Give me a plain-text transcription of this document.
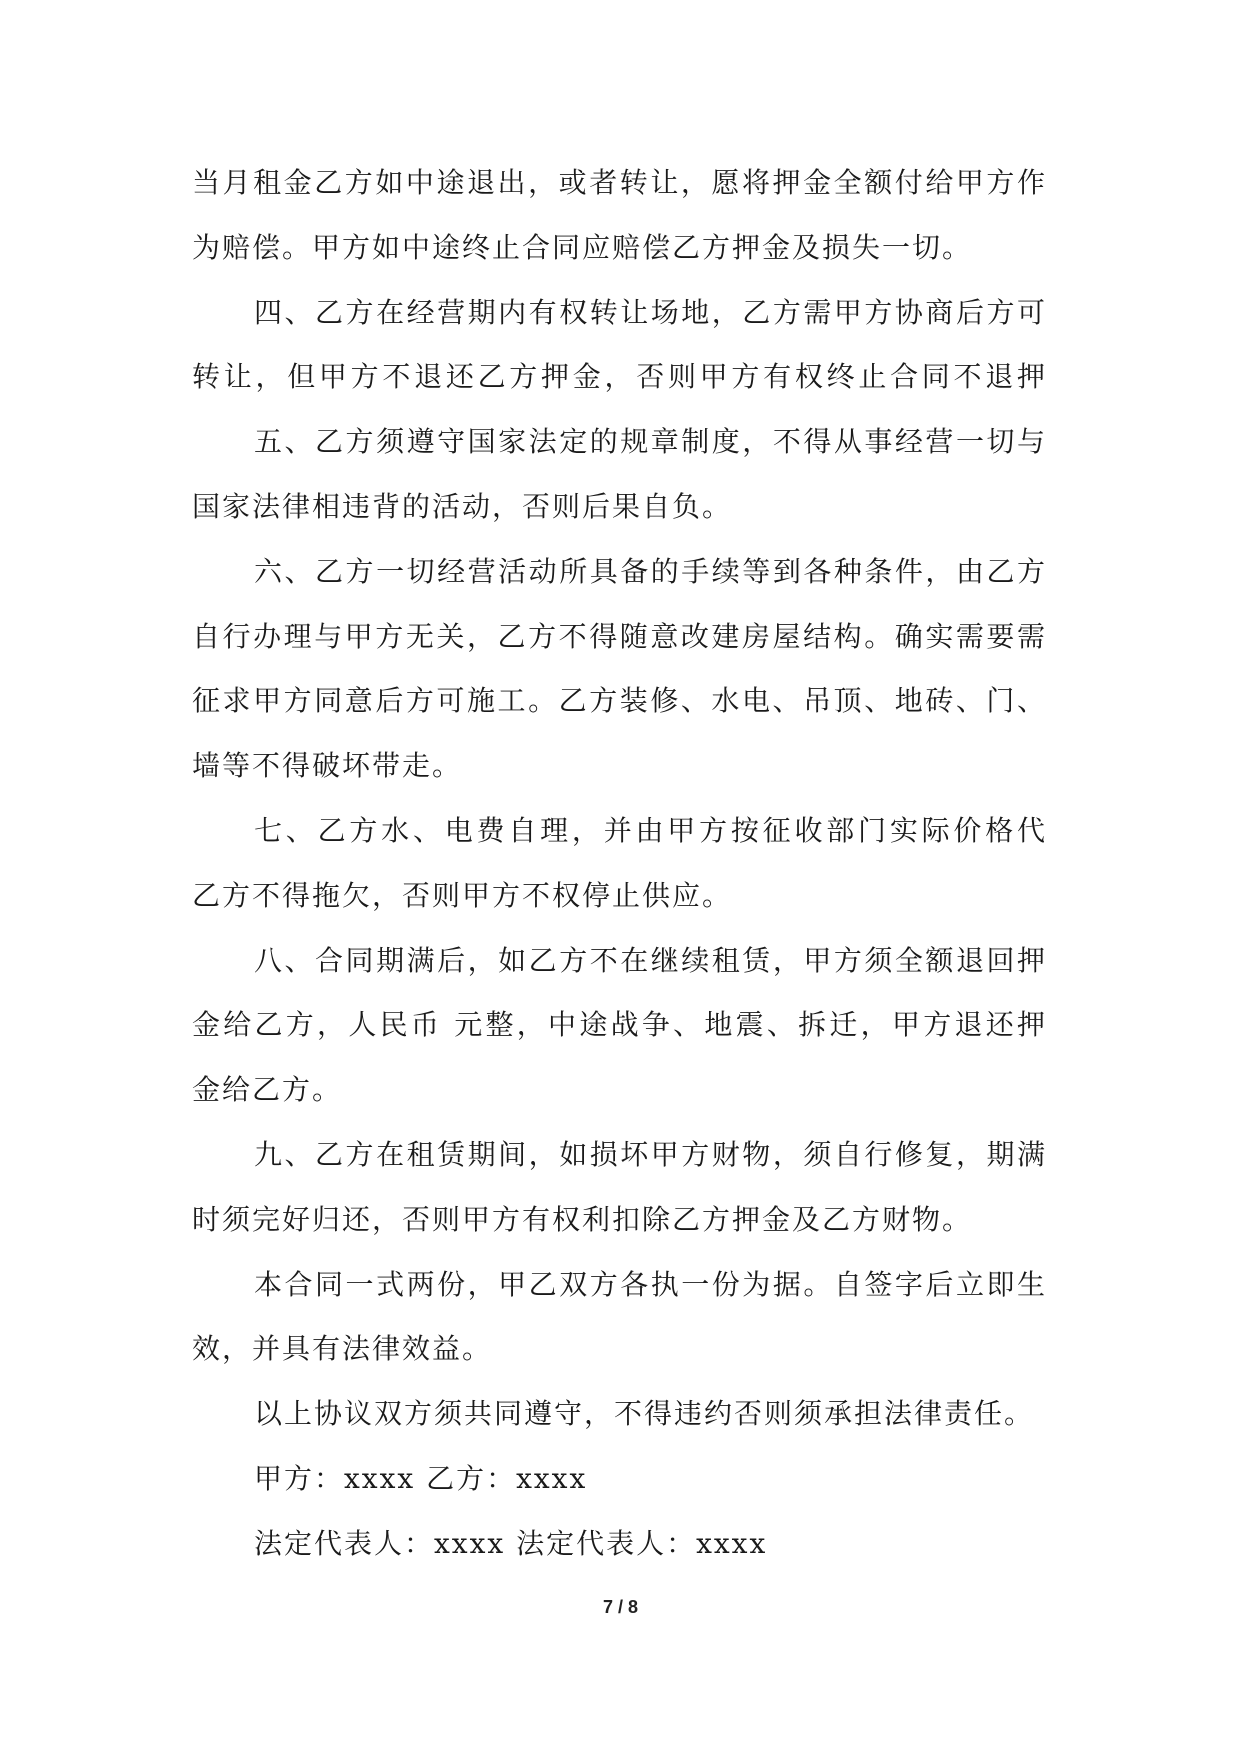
当月租金乙方如中途退出，或者转让，愿将押金全额付给甲方作
为赔偿。甲方如中途终止合同应赔偿乙方押金及损失一切。
四、乙方在经营期内有权转让场地，乙方需甲方协商后方可
转让，但甲方不退还乙方押金，否则甲方有权终止合同不退押
五、乙方须遵守国家法定的规章制度，不得从事经营一切与
国家法律相违背的活动，否则后果自负。
六、乙方一切经营活动所具备的手续等到各种条件，由乙方
自行办理与甲方无关，乙方不得随意改建房屋结构。确实需要需
征求甲方同意后方可施工。乙方装修、水电、吊顶、地砖、门、
墙等不得破坏带走。
七、乙方水、电费自理，并由甲方按征收部门实际价格代
乙方不得拖欠，否则甲方不权停止供应。
八、合同期满后，如乙方不在继续租赁，甲方须全额退回押
金给乙方，人民币 元整，中途战争、地震、拆迁，甲方退还押
金给乙方。
九、乙方在租赁期间，如损坏甲方财物，须自行修复，期满
时须完好归还，否则甲方有权利扣除乙方押金及乙方财物。
本合同一式两份，甲乙双方各执一份为据。自签字后立即生
效，并具有法律效益。
以上协议双方须共同遵守，不得违约否则须承担法律责任。
甲方：xxxx 乙方：xxxx
法定代表人：xxxx 法定代表人：xxxx
7 / 8
